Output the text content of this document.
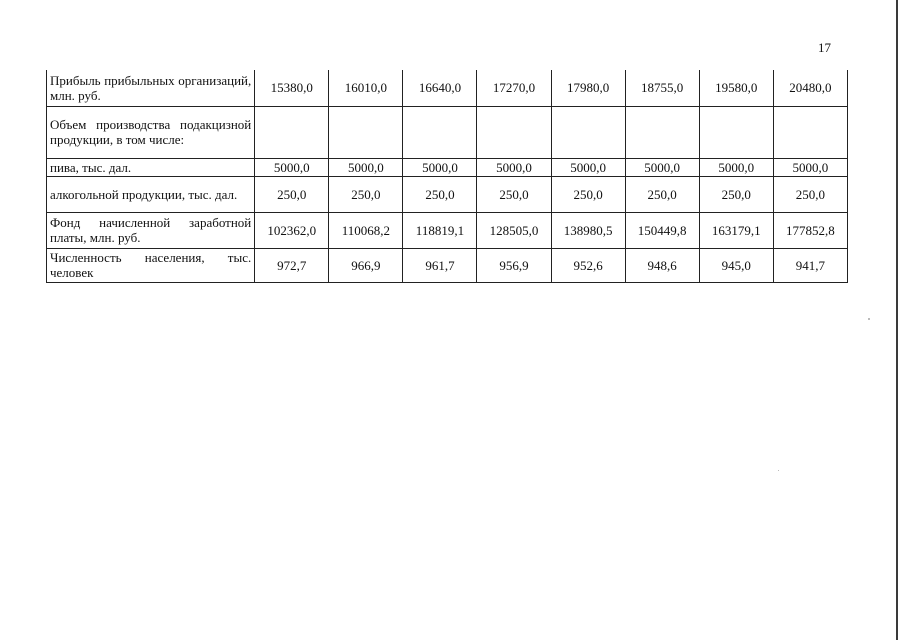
17
Прибыль прибыльных организаций, млн. руб.	15380,0	16010,0	16640,0	17270,0	17980,0	18755,0	19580,0	20480,0
Объем производства подакцизной продукции, в том числе:								
пива, тыс. дал.	5000,0	5000,0	5000,0	5000,0	5000,0	5000,0	5000,0	5000,0
алкогольной продукции, тыс. дал.	250,0	250,0	250,0	250,0	250,0	250,0	250,0	250,0
Фонд начисленной заработной платы, млн. руб.	102362,0	110068,2	118819,1	128505,0	138980,5	150449,8	163179,1	177852,8
Численность населения, тыс. человек	972,7	966,9	961,7	956,9	952,6	948,6	945,0	941,7
